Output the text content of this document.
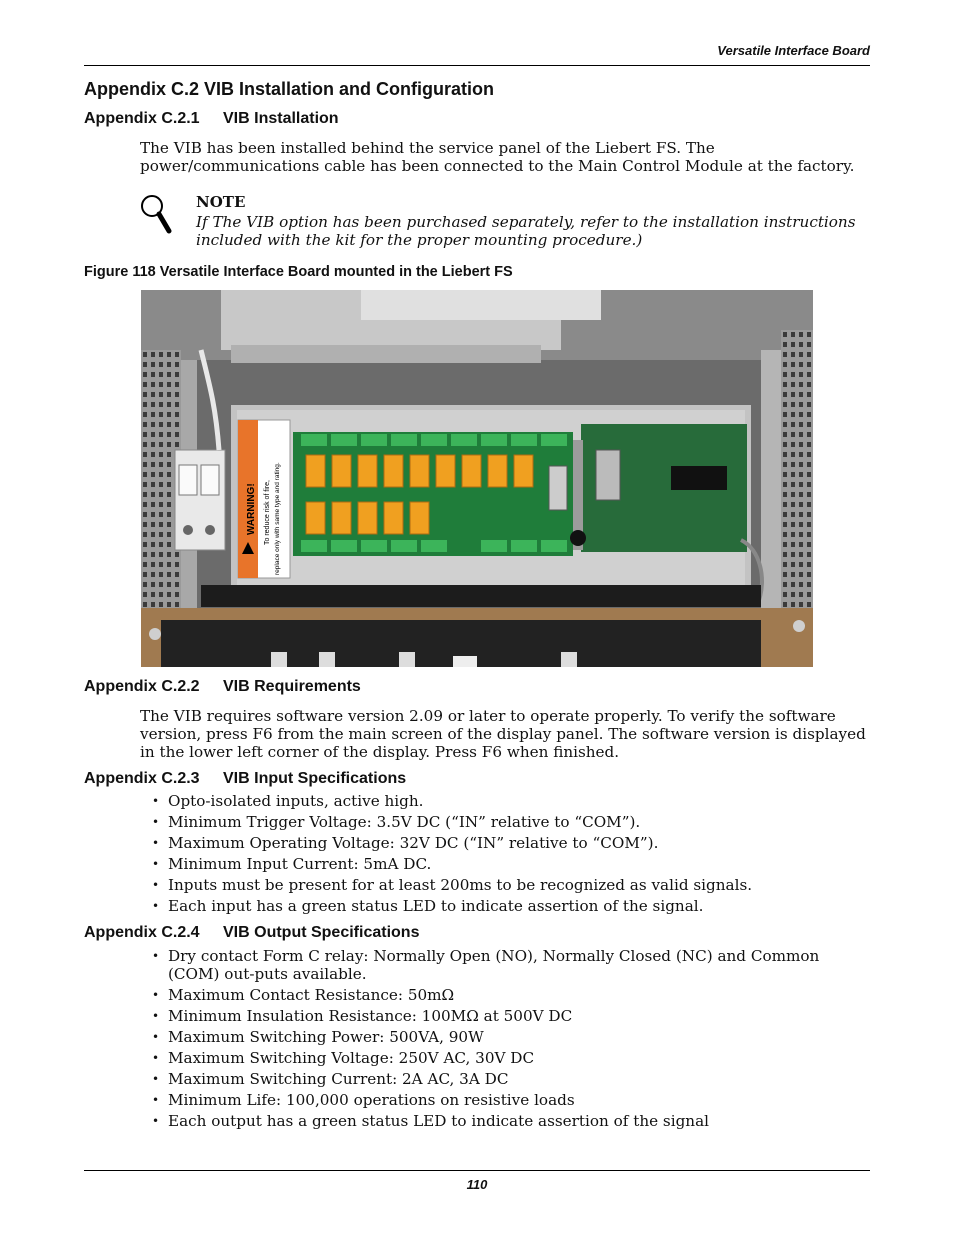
Versatile Interface Board
Appendix C.2 VIB Installation and Configuration
Appendix C.2.1 VIB Installation
The VIB has been installed behind the service panel of the Liebert FS. The power/communications cable has been connected to the Main Control Module at the factory.
NOTE
If The VIB option has been purchased separately, refer to the installation instructions included with the kit for the proper mounting procedure.)
Figure 118 Versatile Interface Board mounted in the Liebert FS
WARNING! To reduce risk of fire, replace only with same type and rating.
Appendix C.2.2 VIB Requirements
The VIB requires software version 2.09 or later to operate properly. To verify the software version, press F6 from the main screen of the display panel. The software version is displayed in the lower left corner of the display. Press F6 when finished.
Appendix C.2.3 VIB Input Specifications
• Opto-isolated inputs, active high.
• Minimum Trigger Voltage: 3.5V DC (“IN” relative to “COM”).
• Maximum Operating Voltage: 32V DC (“IN” relative to “COM”).
• Minimum Input Current: 5mA DC.
• Inputs must be present for at least 200ms to be recognized as valid signals.
• Each input has a green status LED to indicate assertion of the signal.
Appendix C.2.4 VIB Output Specifications
• Dry contact Form C relay: Normally Open (NO), Normally Closed (NC) and Common (COM) out-puts available.
• Maximum Contact Resistance: 50mΩ
• Minimum Insulation Resistance: 100MΩ at 500V DC
• Maximum Switching Power: 500VA, 90W
• Maximum Switching Voltage: 250V AC, 30V DC
• Maximum Switching Current: 2A AC, 3A DC
• Minimum Life: 100,000 operations on resistive loads
• Each output has a green status LED to indicate assertion of the signal
110
